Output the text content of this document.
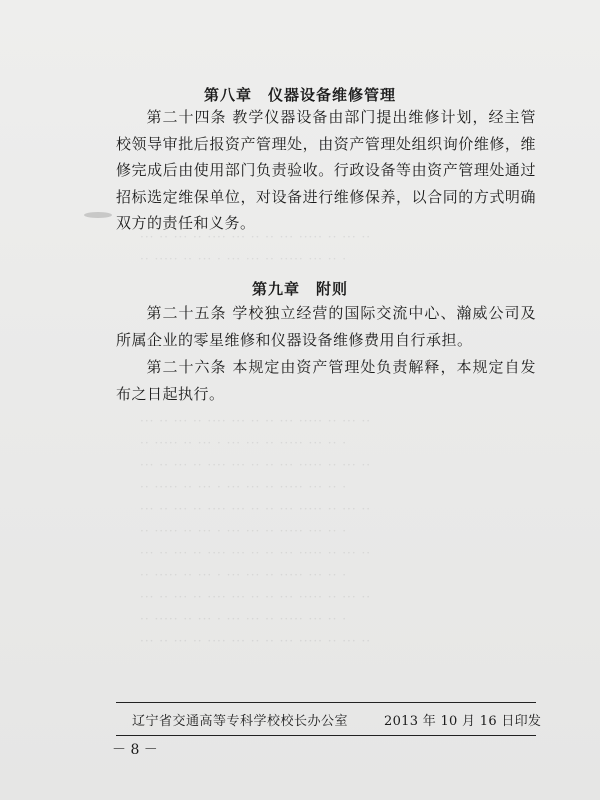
··· ·· ··· ·· ···· ··· ·· ·· ··· ····· ·· ··· ··
·· ····· ·· ··· · ··· ··· ·· ····· ··· ·· ·
··· ·· ··· ·· ···· ··· ·· ·· ··· ····· ·· ··· ··
·· ····· ·· ··· · ··· ··· ·· ····· ··· ·· ·
··· ·· ··· ·· ···· ··· ·· ·· ··· ····· ·· ··· ··
·· ····· ·· ··· · ··· ··· ·· ····· ··· ·· ·
··· ·· ··· ·· ···· ··· ·· ·· ··· ····· ·· ··· ··
·· ····· ·· ··· · ··· ··· ·· ····· ··· ·· ·
··· ·· ··· ·· ···· ··· ·· ·· ··· ····· ·· ··· ··
·· ····· ·· ··· · ··· ··· ·· ····· ··· ·· ·
··· ·· ··· ·· ···· ··· ·· ·· ··· ····· ·· ··· ··
·· ····· ·· ··· · ··· ··· ·· ····· ··· ·· ·
··· ·· ··· ·· ···· ··· ·· ·· ··· ····· ·· ··· ··
第八章　仪器设备维修管理
第二十四条 教学仪器设备由部门提出维修计划，经主管校领导审批后报资产管理处，由资产管理处组织询价维修，维修完成后由使用部门负责验收。行政设备等由资产管理处通过招标选定维保单位，对设备进行维修保养，以合同的方式明确双方的责任和义务。
第九章　附则
第二十五条 学校独立经营的国际交流中心、瀚威公司及所属企业的零星维修和仪器设备维修费用自行承担。
第二十六条 本规定由资产管理处负责解释，本规定自发布之日起执行。
辽宁省交通高等专科学校校长办公室	2013 年 10 月 16 日印发
－ 8 －
